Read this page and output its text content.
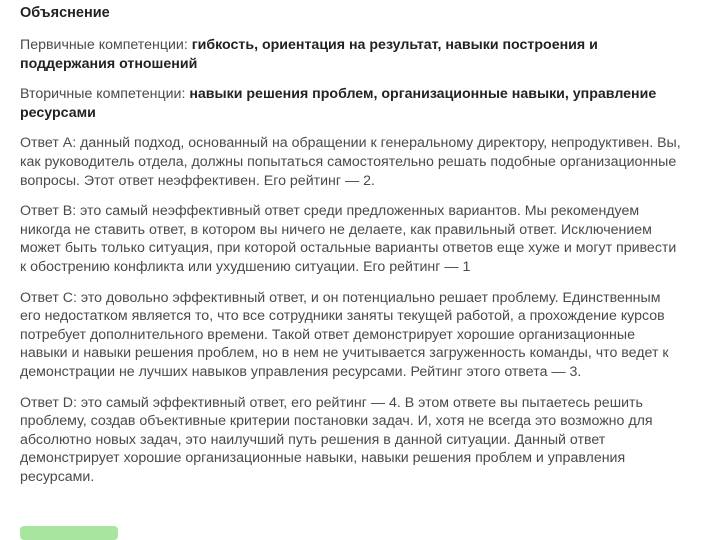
Объяснение
Первичные компетенции: гибкость, ориентация на результат, навыки построения и поддержания отношений
Вторичные компетенции: навыки решения проблем, организационные навыки, управление ресурсами
Ответ А: данный подход, основанный на обращении к генеральному директору, непродуктивен. Вы, как руководитель отдела, должны попытаться самостоятельно решать подобные организационные вопросы. Этот ответ неэффективен. Его рейтинг — 2.
Ответ B: это самый неэффективный ответ среди предложенных вариантов. Мы рекомендуем никогда не ставить ответ, в котором вы ничего не делаете, как правильный ответ. Исключением может быть только ситуация, при которой остальные варианты ответов еще хуже и могут привести к обострению конфликта или ухудшению ситуации. Его рейтинг — 1
Ответ C: это довольно эффективный ответ, и он потенциально решает проблему. Единственным его недостатком является то, что все сотрудники заняты текущей работой, а прохождение курсов потребует дополнительного времени. Такой ответ демонстрирует хорошие организационные навыки и навыки решения проблем, но в нем не учитывается загруженность команды, что ведет к демонстрации не лучших навыков управления ресурсами. Рейтинг этого ответа — 3.
Ответ D: это самый эффективный ответ, его рейтинг — 4. В этом ответе вы пытаетесь решить проблему, создав объективные критерии постановки задач. И, хотя не всегда это возможно для абсолютно новых задач, это наилучший путь решения в данной ситуации. Данный ответ демонстрирует хорошие организационные навыки, навыки решения проблем и управления ресурсами.
